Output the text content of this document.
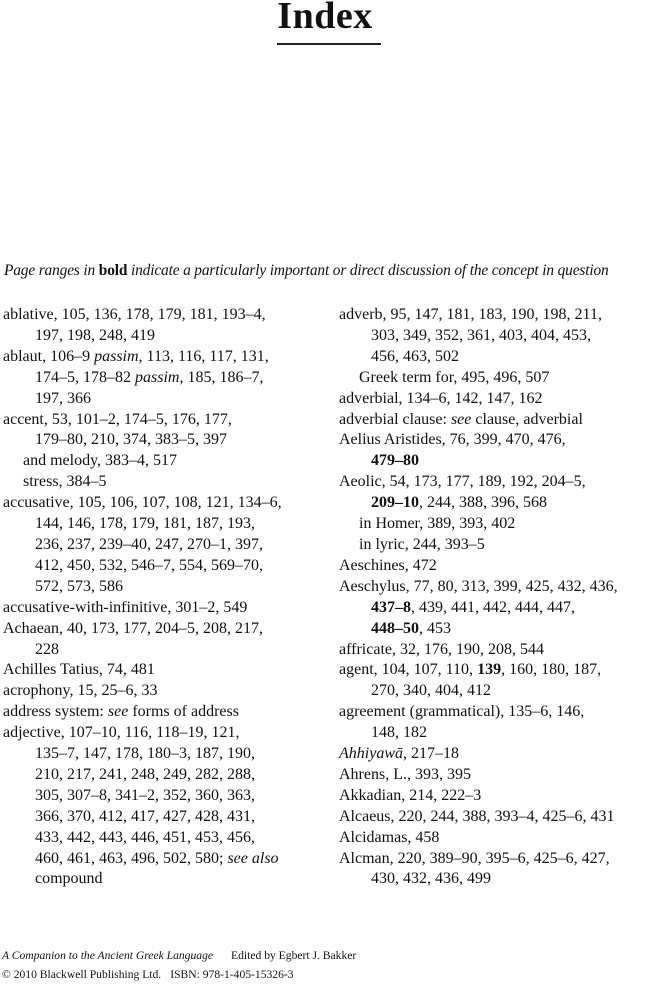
Index
Page ranges in bold indicate a particularly important or direct discussion of the concept in question
ablative, 105, 136, 178, 179, 181, 193–4,
197, 198, 248, 419
ablaut, 106–9 passim, 113, 116, 117, 131,
174–5, 178–82 passim, 185, 186–7,
197, 366
accent, 53, 101–2, 174–5, 176, 177,
179–80, 210, 374, 383–5, 397
and melody, 383–4, 517
stress, 384–5
accusative, 105, 106, 107, 108, 121, 134–6,
144, 146, 178, 179, 181, 187, 193,
236, 237, 239–40, 247, 270–1, 397,
412, 450, 532, 546–7, 554, 569–70,
572, 573, 586
accusative-with-infinitive, 301–2, 549
Achaean, 40, 173, 177, 204–5, 208, 217,
228
Achilles Tatius, 74, 481
acrophony, 15, 25–6, 33
address system: see forms of address
adjective, 107–10, 116, 118–19, 121,
135–7, 147, 178, 180–3, 187, 190,
210, 217, 241, 248, 249, 282, 288,
305, 307–8, 341–2, 352, 360, 363,
366, 370, 412, 417, 427, 428, 431,
433, 442, 443, 446, 451, 453, 456,
460, 461, 463, 496, 502, 580; see also
compound
adverb, 95, 147, 181, 183, 190, 198, 211,
303, 349, 352, 361, 403, 404, 453,
456, 463, 502
Greek term for, 495, 496, 507
adverbial, 134–6, 142, 147, 162
adverbial clause: see clause, adverbial
Aelius Aristides, 76, 399, 470, 476,
479–80
Aeolic, 54, 173, 177, 189, 192, 204–5,
209–10, 244, 388, 396, 568
in Homer, 389, 393, 402
in lyric, 244, 393–5
Aeschines, 472
Aeschylus, 77, 80, 313, 399, 425, 432, 436,
437–8, 439, 441, 442, 444, 447,
448–50, 453
affricate, 32, 176, 190, 208, 544
agent, 104, 107, 110, 139, 160, 180, 187,
270, 340, 404, 412
agreement (grammatical), 135–6, 146,
148, 182
Ahhiyawā, 217–18
Ahrens, L., 393, 395
Akkadian, 214, 222–3
Alcaeus, 220, 244, 388, 393–4, 425–6, 431
Alcidamas, 458
Alcman, 220, 389–90, 395–6, 425–6, 427,
430, 432, 436, 499
A Companion to the Ancient Greek Language Edited by Egbert J. Bakker
© 2010 Blackwell Publishing Ltd. ISBN: 978-1-405-15326-3
